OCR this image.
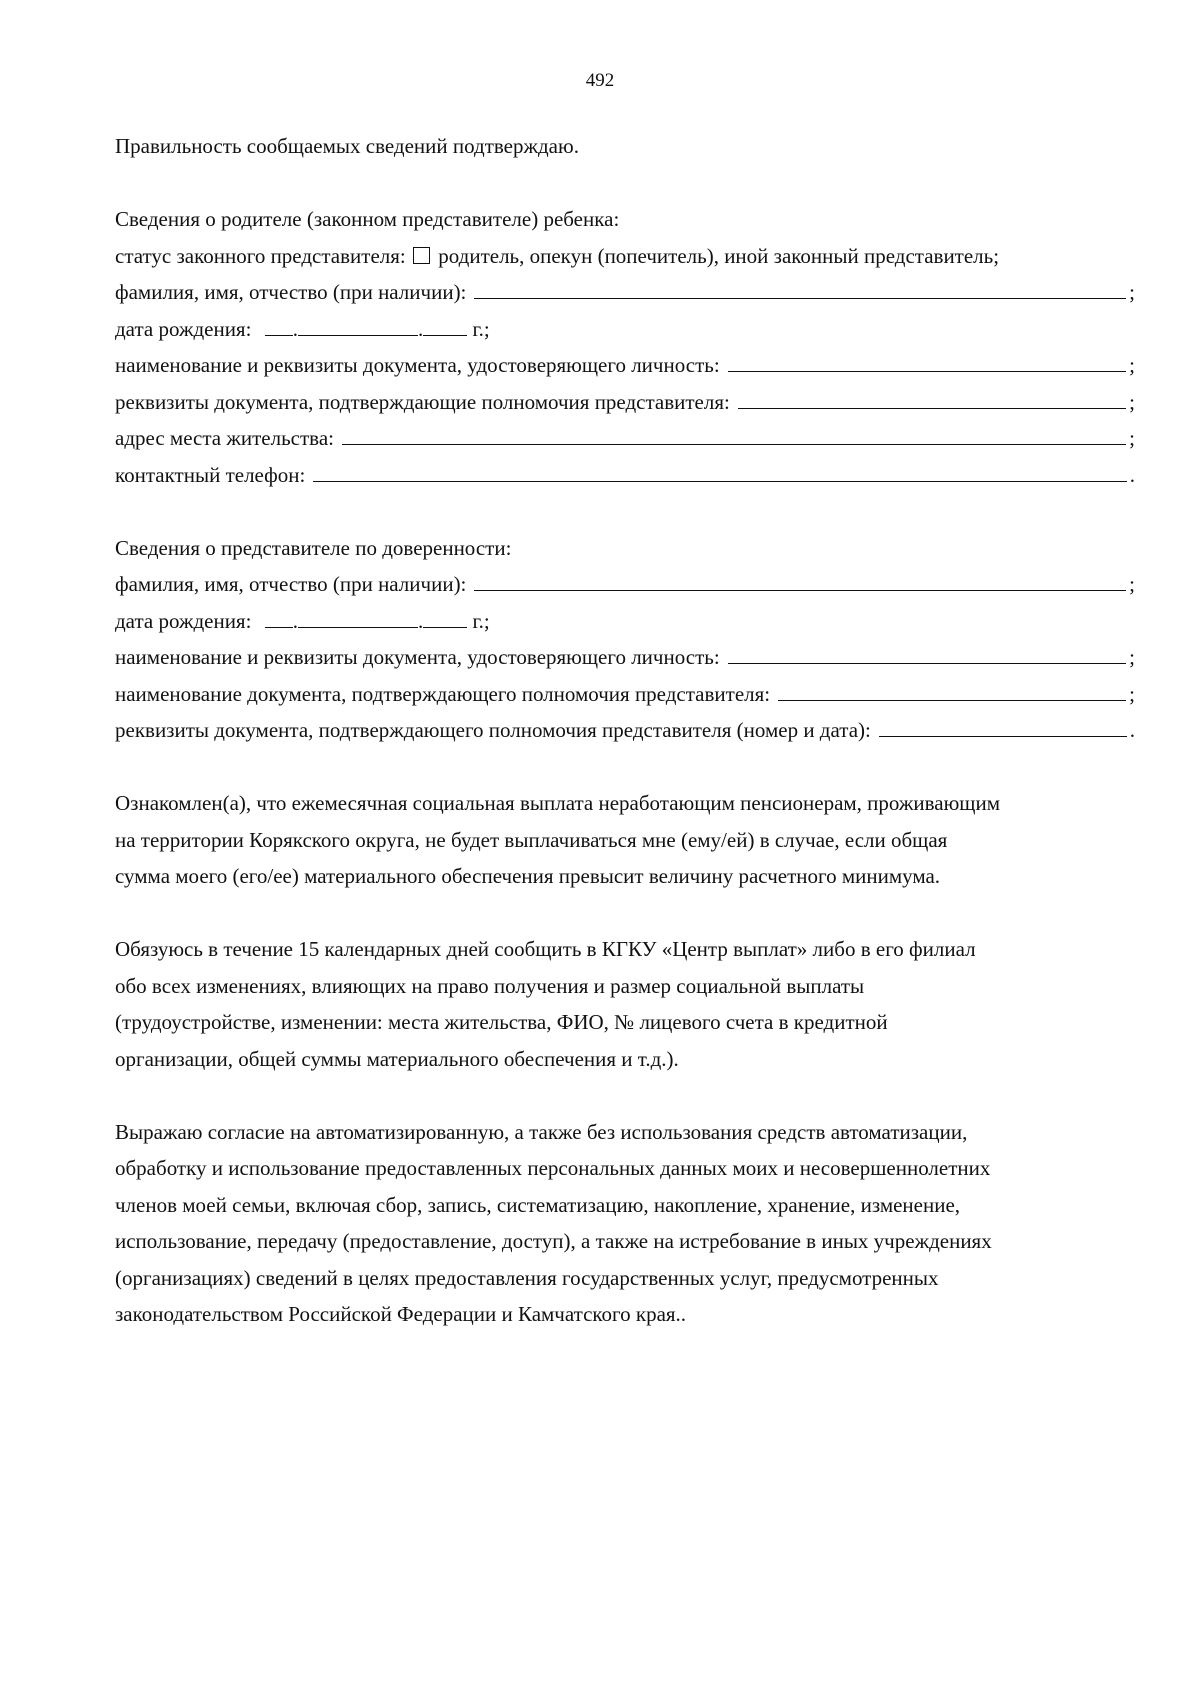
492
Правильность сообщаемых сведений подтверждаю.
Сведения о родителе (законном представителе) ребенка:
статус законного представителя: родитель, опекун (попечитель), иной законный представитель;
фамилия, имя, отчество (при наличии):	;
дата рождения: .	. г.;
наименование и реквизиты документа, удостоверяющего личность:	;
реквизиты документа, подтверждающие полномочия представителя:	;
адрес места жительства:	;
контактный телефон:	.
Сведения о представителе по доверенности:
фамилия, имя, отчество (при наличии):	;
дата рождения: .	. г.;
наименование и реквизиты документа, удостоверяющего личность:	;
наименование документа, подтверждающего полномочия представителя:	;
реквизиты документа, подтверждающего полномочия представителя (номер и дата):	.
Ознакомлен(а), что ежемесячная социальная выплата неработающим пенсионерам, проживающим
на территории Корякского округа, не будет выплачиваться мне (ему/ей) в случае, если общая
сумма моего (его/ее) материального обеспечения превысит величину расчетного минимума.
Обязуюсь в течение 15 календарных дней сообщить в КГКУ «Центр выплат» либо в его филиал
обо всех изменениях, влияющих на право получения и размер социальной выплаты
(трудоустройстве, изменении: места жительства, ФИО, № лицевого счета в кредитной
организации, общей суммы материального обеспечения и т.д.).
Выражаю согласие на автоматизированную, а также без использования средств автоматизации,
обработку и использование предоставленных персональных данных моих и несовершеннолетних
членов моей семьи, включая сбор, запись, систематизацию, накопление, хранение, изменение,
использование, передачу (предоставление, доступ), а также на истребование в иных учреждениях
(организациях) сведений в целях предоставления государственных услуг, предусмотренных
законодательством Российской Федерации и Камчатского края..
